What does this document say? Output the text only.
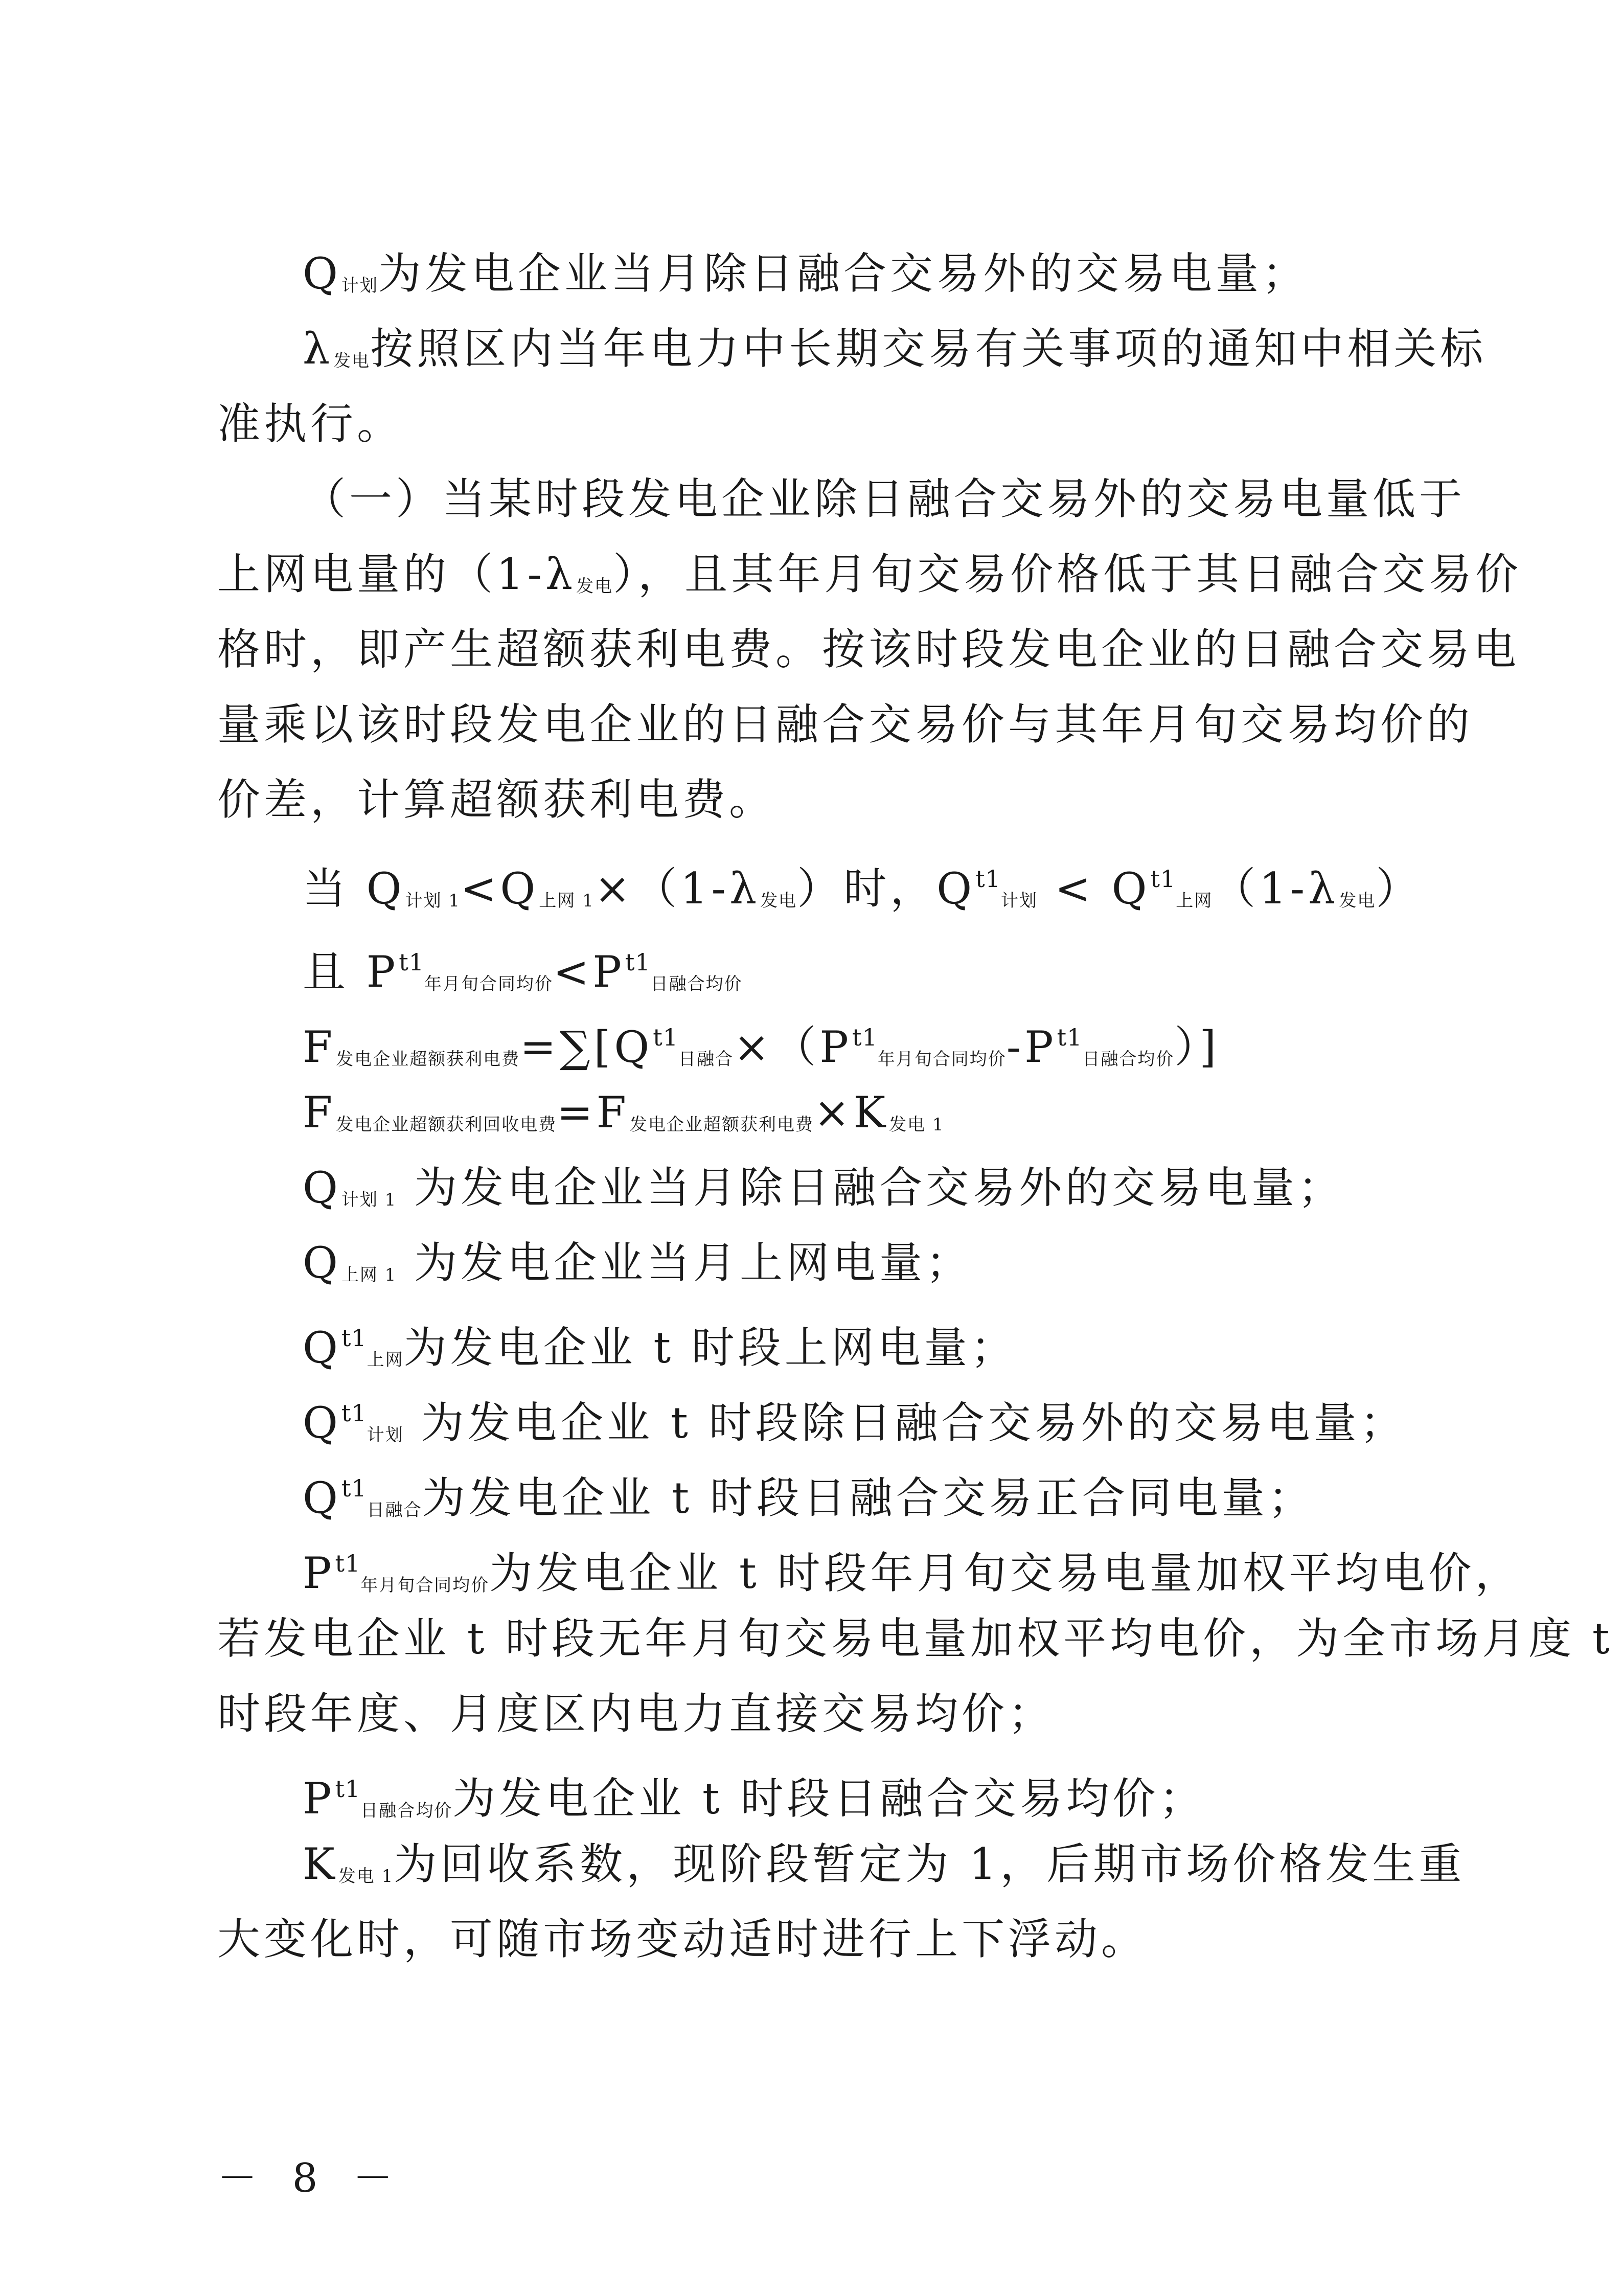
$Q_{计划}$为发电企业当月除日融合交易外的交易电量；
$\lambda_{发电}$按照区内当年电力中长期交易有关事项的通知中相关标
准执行。
（一）当某时段发电企业除日融合交易外的交易电量低于
上网电量的$(1-\lambda_{发电})$，且其年月旬交易价格低于其日融合交易价
格时，即产生超额获利电费。按该时段发电企业的日融合交易电
量乘以该时段发电企业的日融合交易价与其年月旬交易均价的
价差，计算超额获利电费。
当 $Q_{计划 1}<Q_{上网 1}\times(1-\lambda_{发电})$时，$Q^{t1}_{计划} < Q^{t1}_{上网}(1-\lambda_{发电})$
且 $P^{t1}_{年月旬合同均价}<P^{t1}_{日融合均价}$
$F_{发电企业超额获利电费}=\sum[Q^{t1}_{日融合}\times(P^{t1}_{年月旬合同均价}-P^{t1}_{日融合均价})]$
$F_{发电企业超额获利回收电费}=F_{发电企业超额获利电费}\times K_{发电 1}$
$Q_{计划 1}$ 为发电企业当月除日融合交易外的交易电量；
$Q_{上网 1}$ 为发电企业当月上网电量；
$Q^{t1}_{上网}$为发电企业 t 时段上网电量；
$Q^{t1}_{计划}$ 为发电企业 t 时段除日融合交易外的交易电量；
$Q^{t1}_{日融合}$为发电企业 t 时段日融合交易正合同电量；
$P^{t1}_{年月旬合同均价}$为发电企业 t 时段年月旬交易电量加权平均电价，
若发电企业 t 时段无年月旬交易电量加权平均电价，为全市场月度 t
时段年度、月度区内电力直接交易均价；
$P^{t1}_{日融合均价}$为发电企业 t 时段日融合交易均价；
$K_{发电 1}$为回收系数，现阶段暂定为 1，后期市场价格发生重
大变化时，可随市场变动适时进行上下浮动。
－ 8 －
